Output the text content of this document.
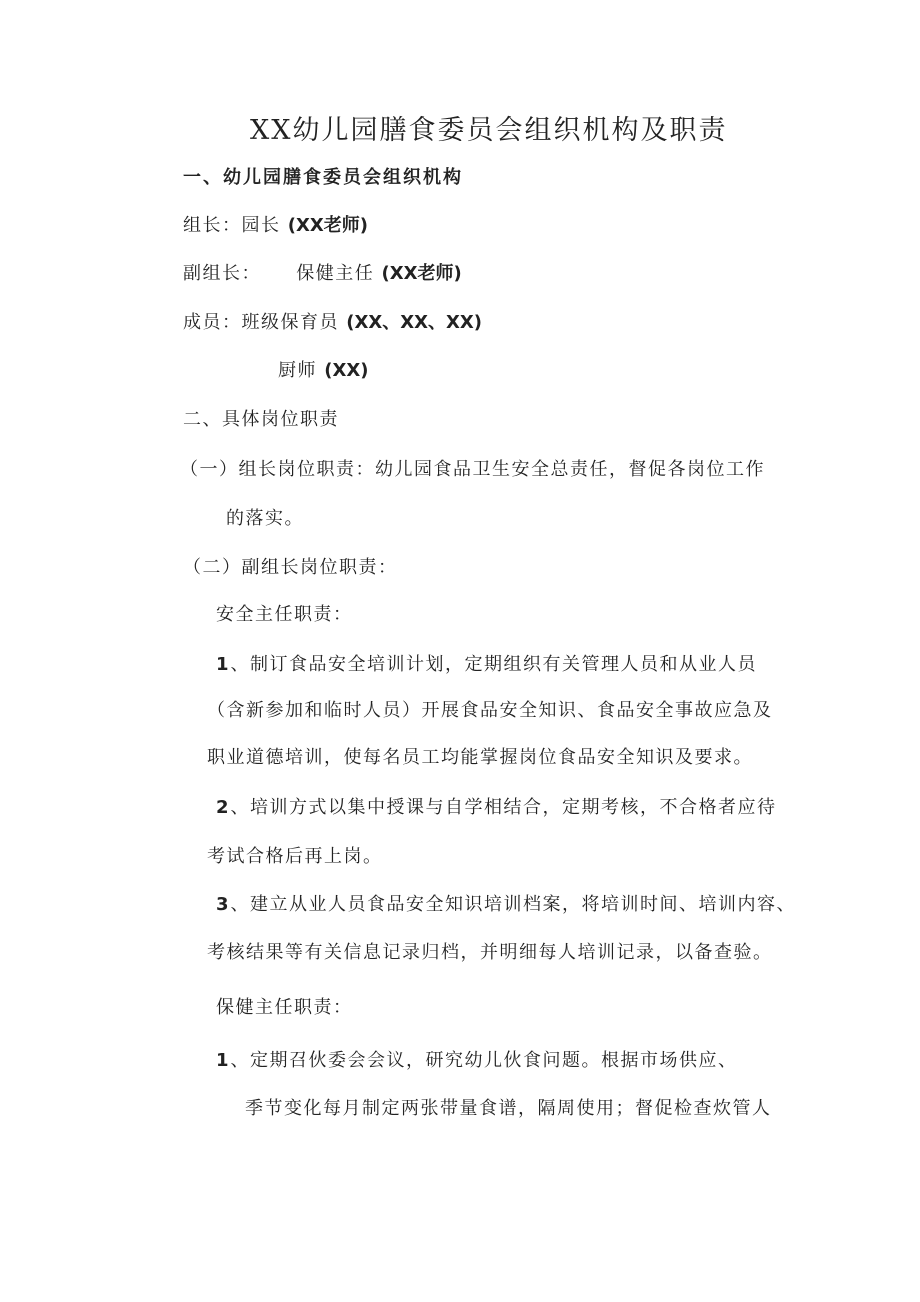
XX幼儿园膳食委员会组织机构及职责
一、幼儿园膳食委员会组织机构
组长：园长 (XX老师)
副组长： 保健主任 (XX老师)
成员：班级保育员 (XX、XX、XX)
厨师 (XX)
二、具体岗位职责
（一）组长岗位职责：幼儿园食品卫生安全总责任，督促各岗位工作
的落实。
（二）副组长岗位职责：
安全主任职责：
1 、制订食品安全培训计划，定期组织有关管理人员和从业人员
（含新参加和临时人员）开展食品安全知识、食品安全事故应急及
职业道德培训，使每名员工均能掌握岗位食品安全知识及要求。
2 、培训方式以集中授课与自学相结合，定期考核，不合格者应待
考试合格后再上岗。
3 、建立从业人员食品安全知识培训档案，将培训时间、培训内容、
考核结果等有关信息记录归档，并明细每人培训记录，以备查验。
保健主任职责：
1 、定期召伙委会会议，研究幼儿伙食问题。根据市场供应、
季节变化每月制定两张带量食谱，隔周使用；督促检查炊管人
